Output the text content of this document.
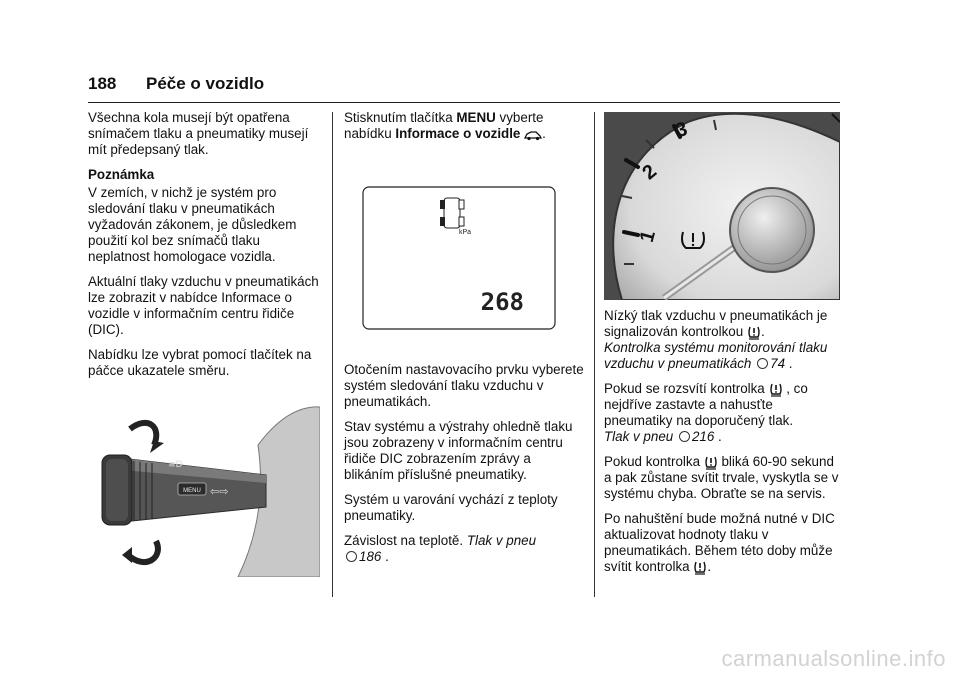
188 Péče o vozidlo

Všechna kola musejí být opatřena snímačem tlaku a pneumatiky musejí mít předepsaný tlak.

Poznámka

V zemích, v nichž je systém pro sledování tlaku v pneumatikách vyžadován zákonem, je důsledkem použití kol bez snímačů tlaku neplatnost homologace vozidla.

Aktuální tlaky vzduchu v pneumatikách lze zobrazit v nabídce Informace o vozidle v informačním centru řidiče (DIC).

Nabídku lze vybrat pomocí tlačítek na páčce ukazatele směru.

MENU ⇦⇨
≡D

Stisknutím tlačítka MENU vyberte nabídku Informace o vozidle .

kPa
268

Otočením nastavovacího prvku vyberete systém sledování tlaku vzduchu v pneumatikách.

Stav systému a výstrahy ohledně tlaku jsou zobrazeny v informačním centru řidiče DIC zobrazením zprávy a blikáním příslušné pneumatiky.

Systém u varování vychází z teploty pneumatiky.

Závislost na teplotě. Tlak v pneu
186 .

1
2
3

Nízký tlak vzduchu v pneumatikách je signalizován kontrolkou .
Kontrolka systému monitorování tlaku vzduchu v pneumatikách 74 .

Pokud se rozsvítí kontrolka  , co nejdříve zastavte a nahusťte pneumatiky na doporučený tlak.
Tlak v pneu 216 .

Pokud kontrolka  bliká 60-90 sekund a pak zůstane svítit trvale, vyskytla se v systému chyba. Obraťte se na servis.

Po nahuštění bude možná nutné v DIC aktualizovat hodnoty tlaku v pneumatikách. Během této doby může svítit kontrolka .

carmanualsonline.info
